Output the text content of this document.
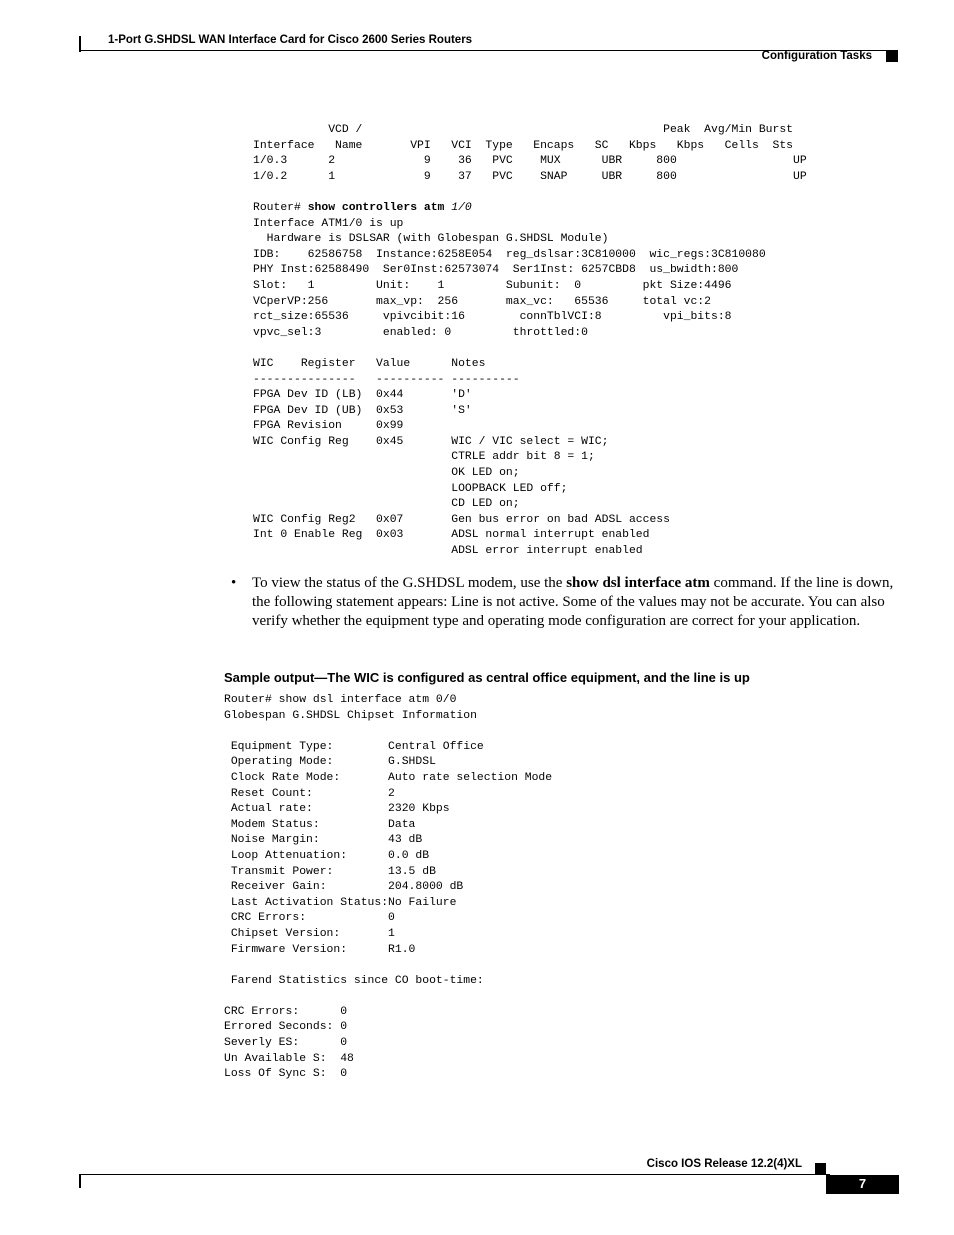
1-Port G.SHDSL WAN Interface Card for Cisco 2600 Series Routers
Configuration Tasks
VCD /                                            Peak  Avg/Min Burst
Interface   Name       VPI   VCI  Type   Encaps   SC   Kbps   Kbps   Cells  Sts
1/0.3      2             9    36   PVC    MUX      UBR     800                 UP
1/0.2      1             9    37   PVC    SNAP     UBR     800                 UP

Router# show controllers atm 1/0
Interface ATM1/0 is up
Hardware is DSLSAR (with Globespan G.SHDSL Module)
IDB:    62586758  Instance:6258E054  reg_dslsar:3C810000  wic_regs:3C810080
PHY Inst:62588490  Ser0Inst:62573074  Ser1Inst: 6257CBD8  us_bwidth:800
Slot:   1         Unit:    1         Subunit:  0         pkt Size:4496
VCperVP:256       max_vp:  256       max_vc:   65536     total vc:2
rct_size:65536     vpivcibit:16        connTblVCI:8         vpi_bits:8
vpvc_sel:3         enabled: 0         throttled:0

WIC    Register   Value      Notes
---------------   ---------- ----------
FPGA Dev ID (LB)  0x44       'D'
FPGA Dev ID (UB)  0x53       'S'
FPGA Revision     0x99
WIC Config Reg    0x45       WIC / VIC select = WIC;
CTRLE addr bit 8 = 1;
OK LED on;
LOOPBACK LED off;
CD LED on;
WIC Config Reg2   0x07       Gen bus error on bad ADSL access
Int 0 Enable Reg  0x03       ADSL normal interrupt enabled
ADSL error interrupt enabled
• To view the status of the G.SHDSL modem, use the show dsl interface atm command. If the line is down, the following statement appears: Line is not active. Some of the values may not be accurate. You can also verify whether the equipment type and operating mode configuration are correct for your application.
Sample output—The WIC is configured as central office equipment, and the line is up
Router# show dsl interface atm 0/0
Globespan G.SHDSL Chipset Information

Equipment Type:        Central Office
Operating Mode:        G.SHDSL
Clock Rate Mode:       Auto rate selection Mode
Reset Count:           2
Actual rate:           2320 Kbps
Modem Status:          Data
Noise Margin:          43 dB
Loop Attenuation:      0.0 dB
Transmit Power:        13.5 dB
Receiver Gain:         204.8000 dB
Last Activation Status:No Failure
CRC Errors:            0
Chipset Version:       1
Firmware Version:      R1.0

Farend Statistics since CO boot-time:

CRC Errors:      0
Errored Seconds: 0
Severly ES:      0
Un Available S:  48
Loss Of Sync S:  0
Cisco IOS Release 12.2(4)XL
7
